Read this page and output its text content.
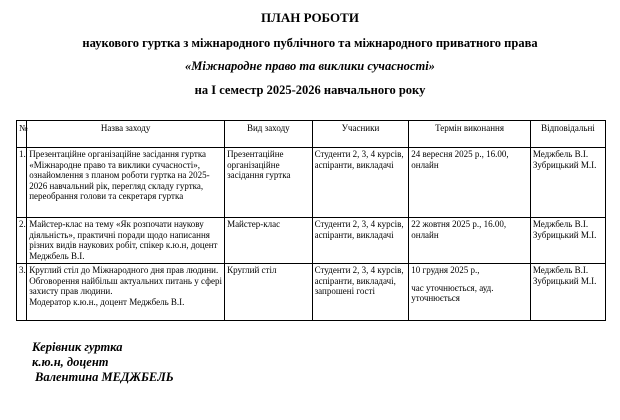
ПЛАН РОБОТИ
наукового гуртка з міжнародного публічного та міжнародного приватного права
«Міжнародне право та виклики сучасності»
на І семестр 2025-2026 навчального року
№	Назва заходу	Вид заходу	Учасники	Термін виконання	Відповідальні
1.	Презентаційне організаційне засідання гуртка «Міжнародне право та виклики сучасності», ознайомлення з планом роботи гуртка на 2025-2026 навчальний рік, перегляд складу гуртка, переобрання голови та секретаря гуртка	Презентаційне організаційне засідання гуртка	Студенти 2, 3, 4 курсів, аспіранти, викладачі	24 вересня 2025 р., 16.00, онлайн	Меджбель В.І.
Зубрицький М.І.

2.	Майстер-клас на тему «Як розпочати наукову діяльність», практичні поради щодо написання різних видів наукових робіт, спікер к.ю.н, доцент Меджбель В.І.	Майстер-клас	Студенти 2, 3, 4 курсів, аспіранти, викладачі	22 жовтня 2025 р., 16.00, онлайн	Меджбель В.І.
Зубрицький М.І.

3.	Круглий стіл до Міжнародного дня прав людини. Обговорення найбільш актуальних питань у сфері захисту прав людини.
Модератор к.ю.н., доцент Меджбель В.І.	Круглий стіл	Студенти 2, 3, 4 курсів, аспіранти, викладачі, запрошені гості	10 грудня 2025 р.,
час уточнюється, ауд. уточнюється	Меджбель В.І.
Зубрицький М.І.
Керівник гуртка
к.ю.н, доцент
Валентина МЕДЖБЕЛЬ
